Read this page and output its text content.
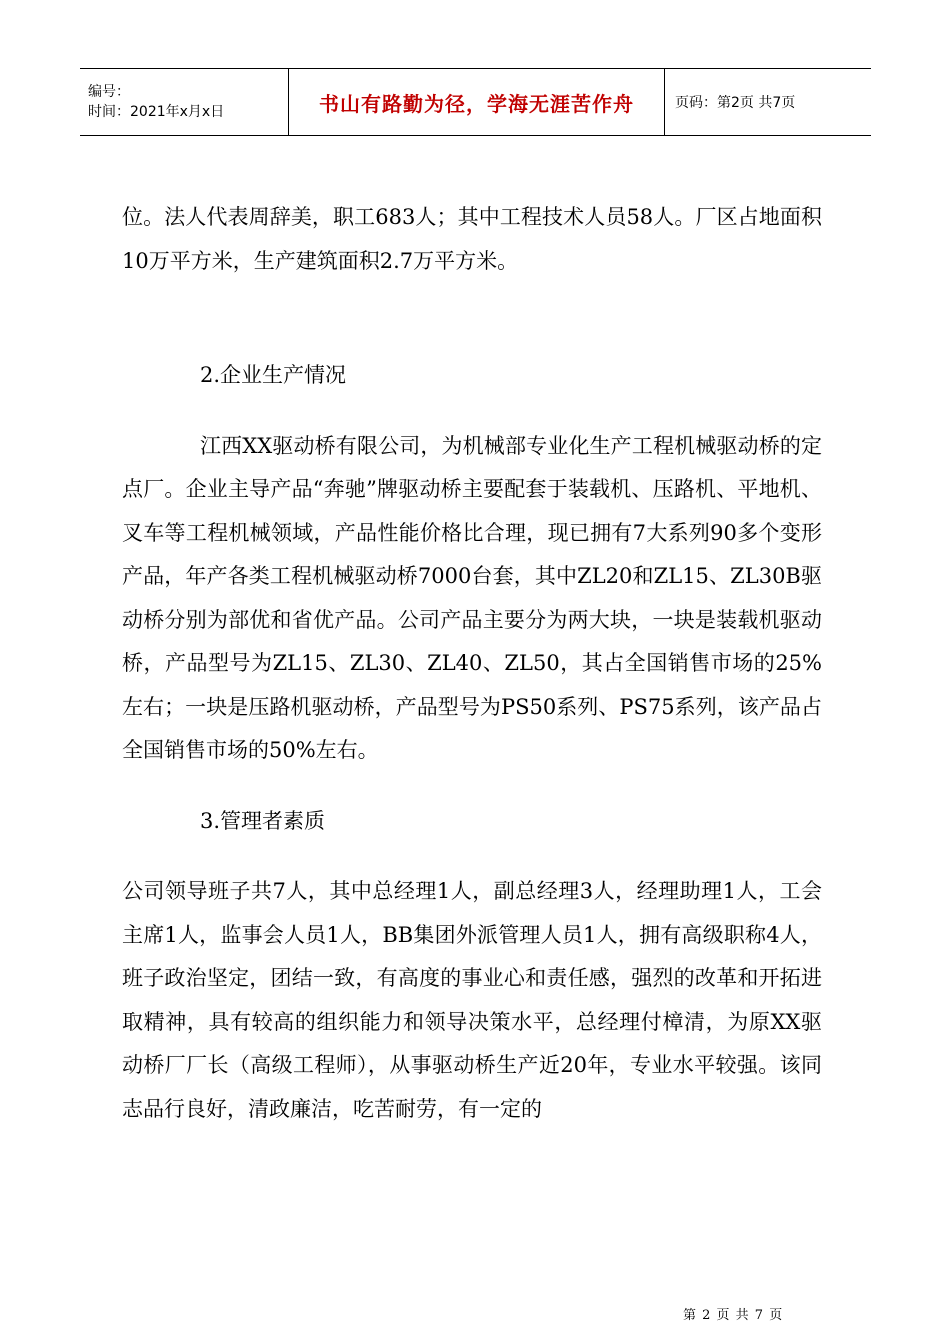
编号：
时间：2021年x月x日	书山有路勤为径，学海无涯苦作舟	页码：第2页 共7页

位。法人代表周辞美，职工683人；其中工程技术人员58人。厂区占地面积10万平方米，生产建筑面积2.7万平方米。

2.企业生产情况

江西XX驱动桥有限公司，为机械部专业化生产工程机械驱动桥的定点厂。企业主导产品“奔驰”牌驱动桥主要配套于装载机、压路机、平地机、叉车等工程机械领域，产品性能价格比合理，现已拥有7大系列90多个变形产品，年产各类工程机械驱动桥7000台套，其中ZL20和ZL15、ZL30B驱动桥分别为部优和省优产品。公司产品主要分为两大块，一块是装载机驱动桥，产品型号为ZL15、ZL30、ZL40、ZL50，其占全国销售市场的25%左右；一块是压路机驱动桥，产品型号为PS50系列、PS75系列，该产品占全国销售市场的50%左右。

3.管理者素质

公司领导班子共7人，其中总经理1人，副总经理3人，经理助理1人，工会主席1人，监事会人员1人，BB集团外派管理人员1人，拥有高级职称4人，班子政治坚定，团结一致，有高度的事业心和责任感，强烈的改革和开拓进取精神，具有较高的组织能力和领导决策水平，总经理付樟清，为原XX驱动桥厂厂长（高级工程师），从事驱动桥生产近20年，专业水平较强。该同志品行良好，清政廉洁，吃苦耐劳，有一定的

第 2 页 共 7 页
